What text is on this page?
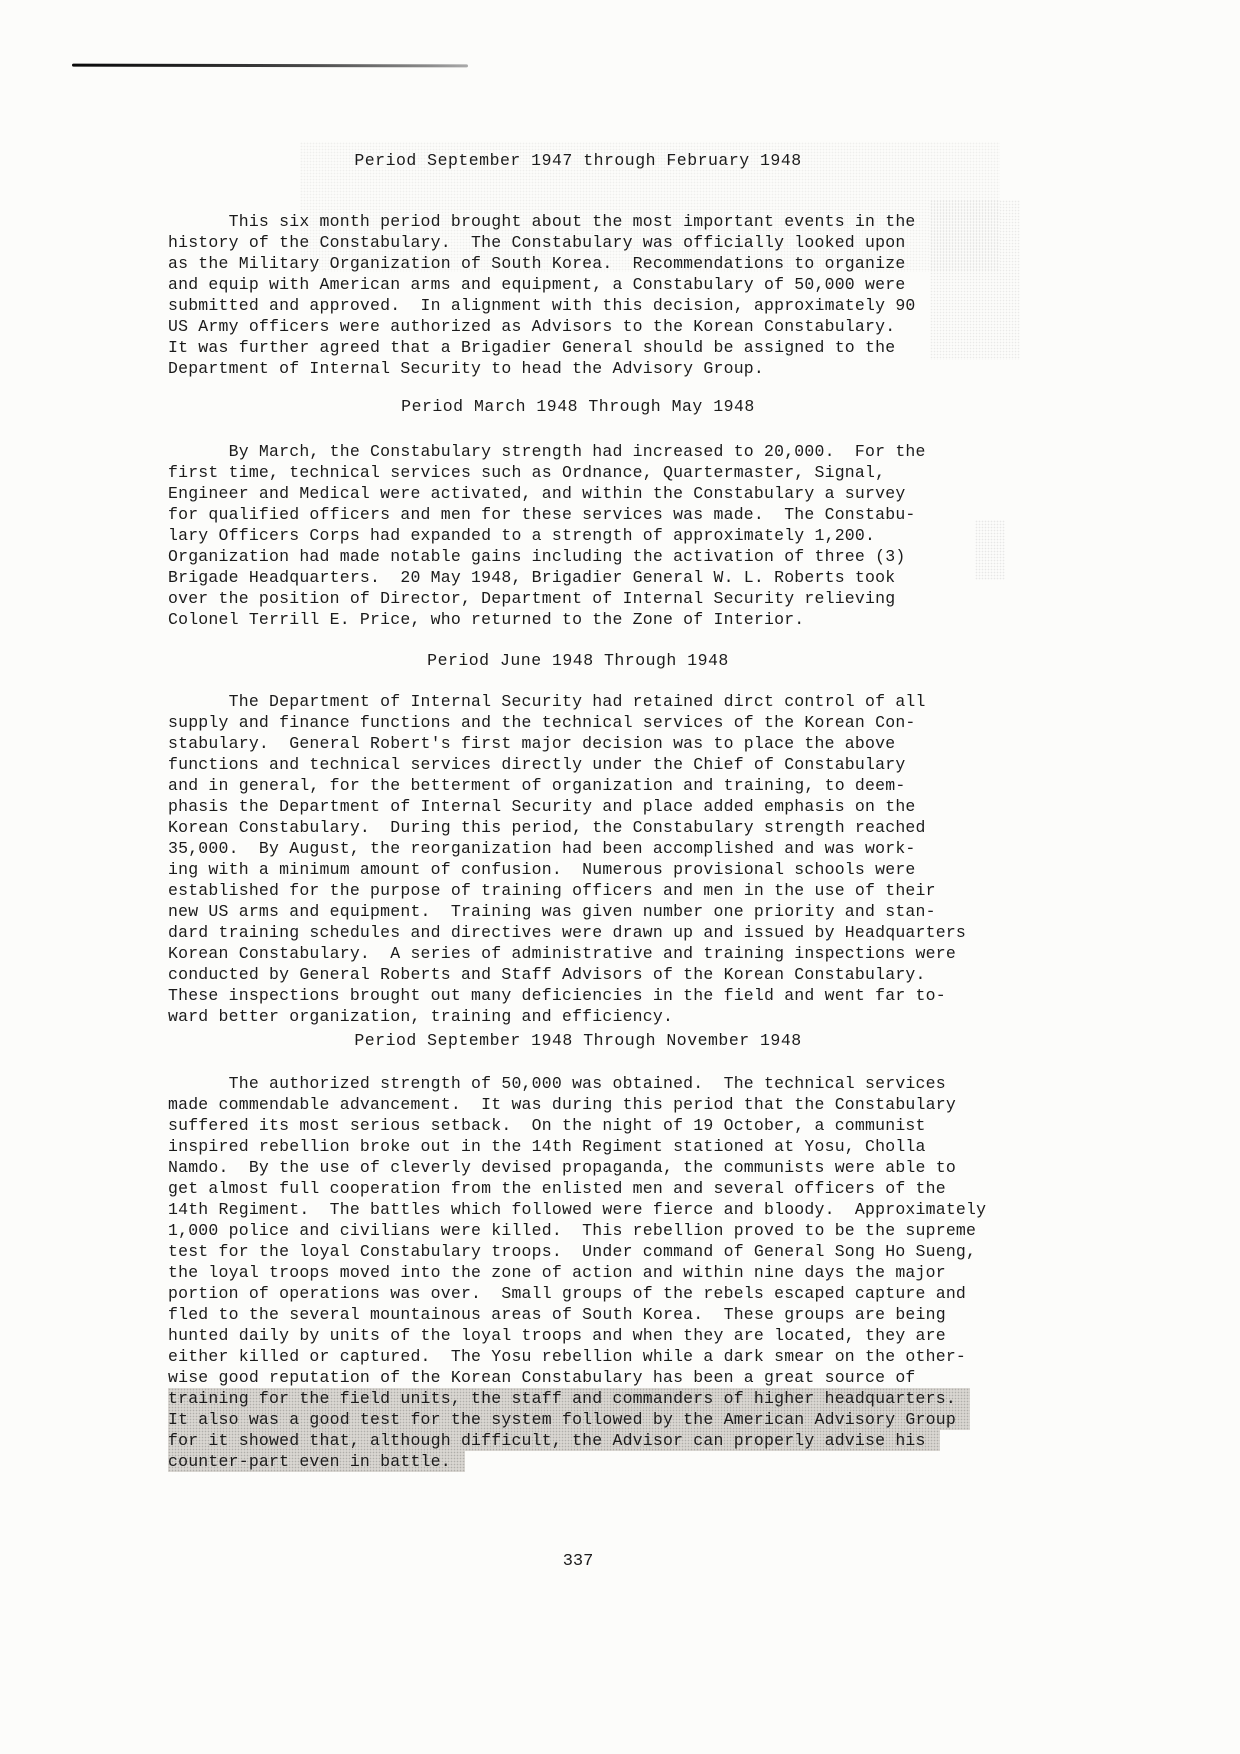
Period September 1947 through February 1948
This six month period brought about the most important events in the
history of the Constabulary.  The Constabulary was officially looked upon
as the Military Organization of South Korea.  Recommendations to organize
and equip with American arms and equipment, a Constabulary of 50,000 were
submitted and approved.  In alignment with this decision, approximately 90
US Army officers were authorized as Advisors to the Korean Constabulary.
It was further agreed that a Brigadier General should be assigned to the
Department of Internal Security to head the Advisory Group.
Period March 1948 Through May 1948
By March, the Constabulary strength had increased to 20,000.  For the
first time, technical services such as Ordnance, Quartermaster, Signal,
Engineer and Medical were activated, and within the Constabulary a survey
for qualified officers and men for these services was made.  The Constabu-
lary Officers Corps had expanded to a strength of approximately 1,200.
Organization had made notable gains including the activation of three (3)
Brigade Headquarters.  20 May 1948, Brigadier General W. L. Roberts took
over the position of Director, Department of Internal Security relieving
Colonel Terrill E. Price, who returned to the Zone of Interior.
Period June 1948 Through 1948
The Department of Internal Security had retained dirct control of all
supply and finance functions and the technical services of the Korean Con-
stabulary.  General Robert's first major decision was to place the above
functions and technical services directly under the Chief of Constabulary
and in general, for the betterment of organization and training, to deem-
phasis the Department of Internal Security and place added emphasis on the
Korean Constabulary.  During this period, the Constabulary strength reached
35,000.  By August, the reorganization had been accomplished and was work-
ing with a minimum amount of confusion.  Numerous provisional schools were
established for the purpose of training officers and men in the use of their
new US arms and equipment.  Training was given number one priority and stan-
dard training schedules and directives were drawn up and issued by Headquarters
Korean Constabulary.  A series of administrative and training inspections were
conducted by General Roberts and Staff Advisors of the Korean Constabulary.
These inspections brought out many deficiencies in the field and went far to-
ward better organization, training and efficiency.
Period September 1948 Through November 1948
The authorized strength of 50,000 was obtained.  The technical services
made commendable advancement.  It was during this period that the Constabulary
suffered its most serious setback.  On the night of 19 October, a communist
inspired rebellion broke out in the 14th Regiment stationed at Yosu, Cholla
Namdo.  By the use of cleverly devised propaganda, the communists were able to
get almost full cooperation from the enlisted men and several officers of the
14th Regiment.  The battles which followed were fierce and bloody.  Approximately
1,000 police and civilians were killed.  This rebellion proved to be the supreme
test for the loyal Constabulary troops.  Under command of General Song Ho Sueng,
the loyal troops moved into the zone of action and within nine days the major
portion of operations was over.  Small groups of the rebels escaped capture and
fled to the several mountainous areas of South Korea.  These groups are being
hunted daily by units of the loyal troops and when they are located, they are
either killed or captured.  The Yosu rebellion while a dark smear on the other-
wise good reputation of the Korean Constabulary has been a great source of
training for the field units, the staff and commanders of higher headquarters.
It also was a good test for the system followed by the American Advisory Group
for it showed that, although difficult, the Advisor can properly advise his
counter-part even in battle.
337
